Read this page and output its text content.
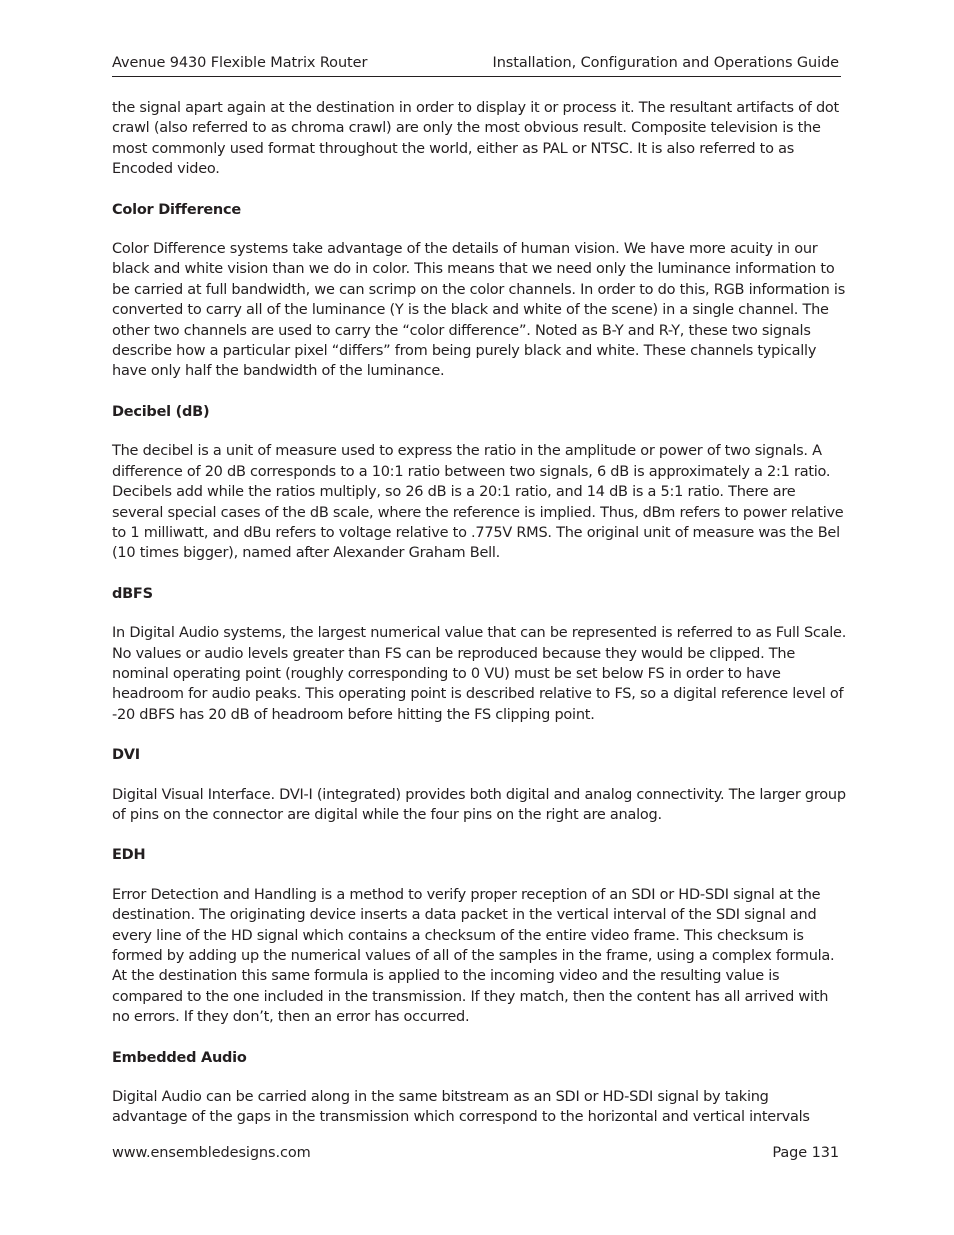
Avenue 9430 Flexible Matrix Router	Installation, Configuration and Operations Guide

the signal apart again at the destination in order to display it or process it. The resultant artifacts of dot crawl (also referred to as chroma crawl) are only the most obvious result. Composite television is the most commonly used format throughout the world, either as PAL or NTSC. It is also referred to as Encoded video.

Color Difference

Color Difference systems take advantage of the details of human vision. We have more acuity in our black and white vision than we do in color. This means that we need only the luminance information to be carried at full bandwidth, we can scrimp on the color channels. In order to do this, RGB information is converted to carry all of the luminance (Y is the black and white of the scene) in a single channel. The other two channels are used to carry the “color difference”. Noted as B-Y and R-Y, these two signals describe how a particular pixel “differs” from being purely black and white. These channels typically have only half the bandwidth of the luminance.

Decibel (dB)

The decibel is a unit of measure used to express the ratio in the amplitude or power of two signals. A difference of 20 dB corresponds to a 10:1 ratio between two signals, 6 dB is approximately a 2:1 ratio. Decibels add while the ratios multiply, so 26 dB is a 20:1 ratio, and 14 dB is a 5:1 ratio. There are several special cases of the dB scale, where the reference is implied. Thus, dBm refers to power relative to 1 milliwatt, and dBu refers to voltage relative to .775V RMS. The original unit of measure was the Bel (10 times bigger), named after Alexander Graham Bell.

dBFS

In Digital Audio systems, the largest numerical value that can be represented is referred to as Full Scale. No values or audio levels greater than FS can be reproduced because they would be clipped. The nominal operating point (roughly corresponding to 0 VU) must be set below FS in order to have headroom for audio peaks. This operating point is described relative to FS, so a digital reference level of -20 dBFS has 20 dB of headroom before hitting the FS clipping point.

DVI

Digital Visual Interface. DVI-I (integrated) provides both digital and analog connectivity. The larger group of pins on the connector are digital while the four pins on the right are analog.

EDH

Error Detection and Handling is a method to verify proper reception of an SDI or HD-SDI signal at the destination. The originating device inserts a data packet in the vertical interval of the SDI signal and every line of the HD signal which contains a checksum of the entire video frame. This checksum is formed by adding up the numerical values of all of the samples in the frame, using a complex formula. At the destination this same formula is applied to the incoming video and the resulting value is compared to the one included in the transmission. If they match, then the content has all arrived with no errors. If they don’t, then an error has occurred.

Embedded Audio

Digital Audio can be carried along in the same bitstream as an SDI or HD-SDI signal by taking advantage of the gaps in the transmission which correspond to the horizontal and vertical intervals

www.ensembledesigns.com	Page 131
